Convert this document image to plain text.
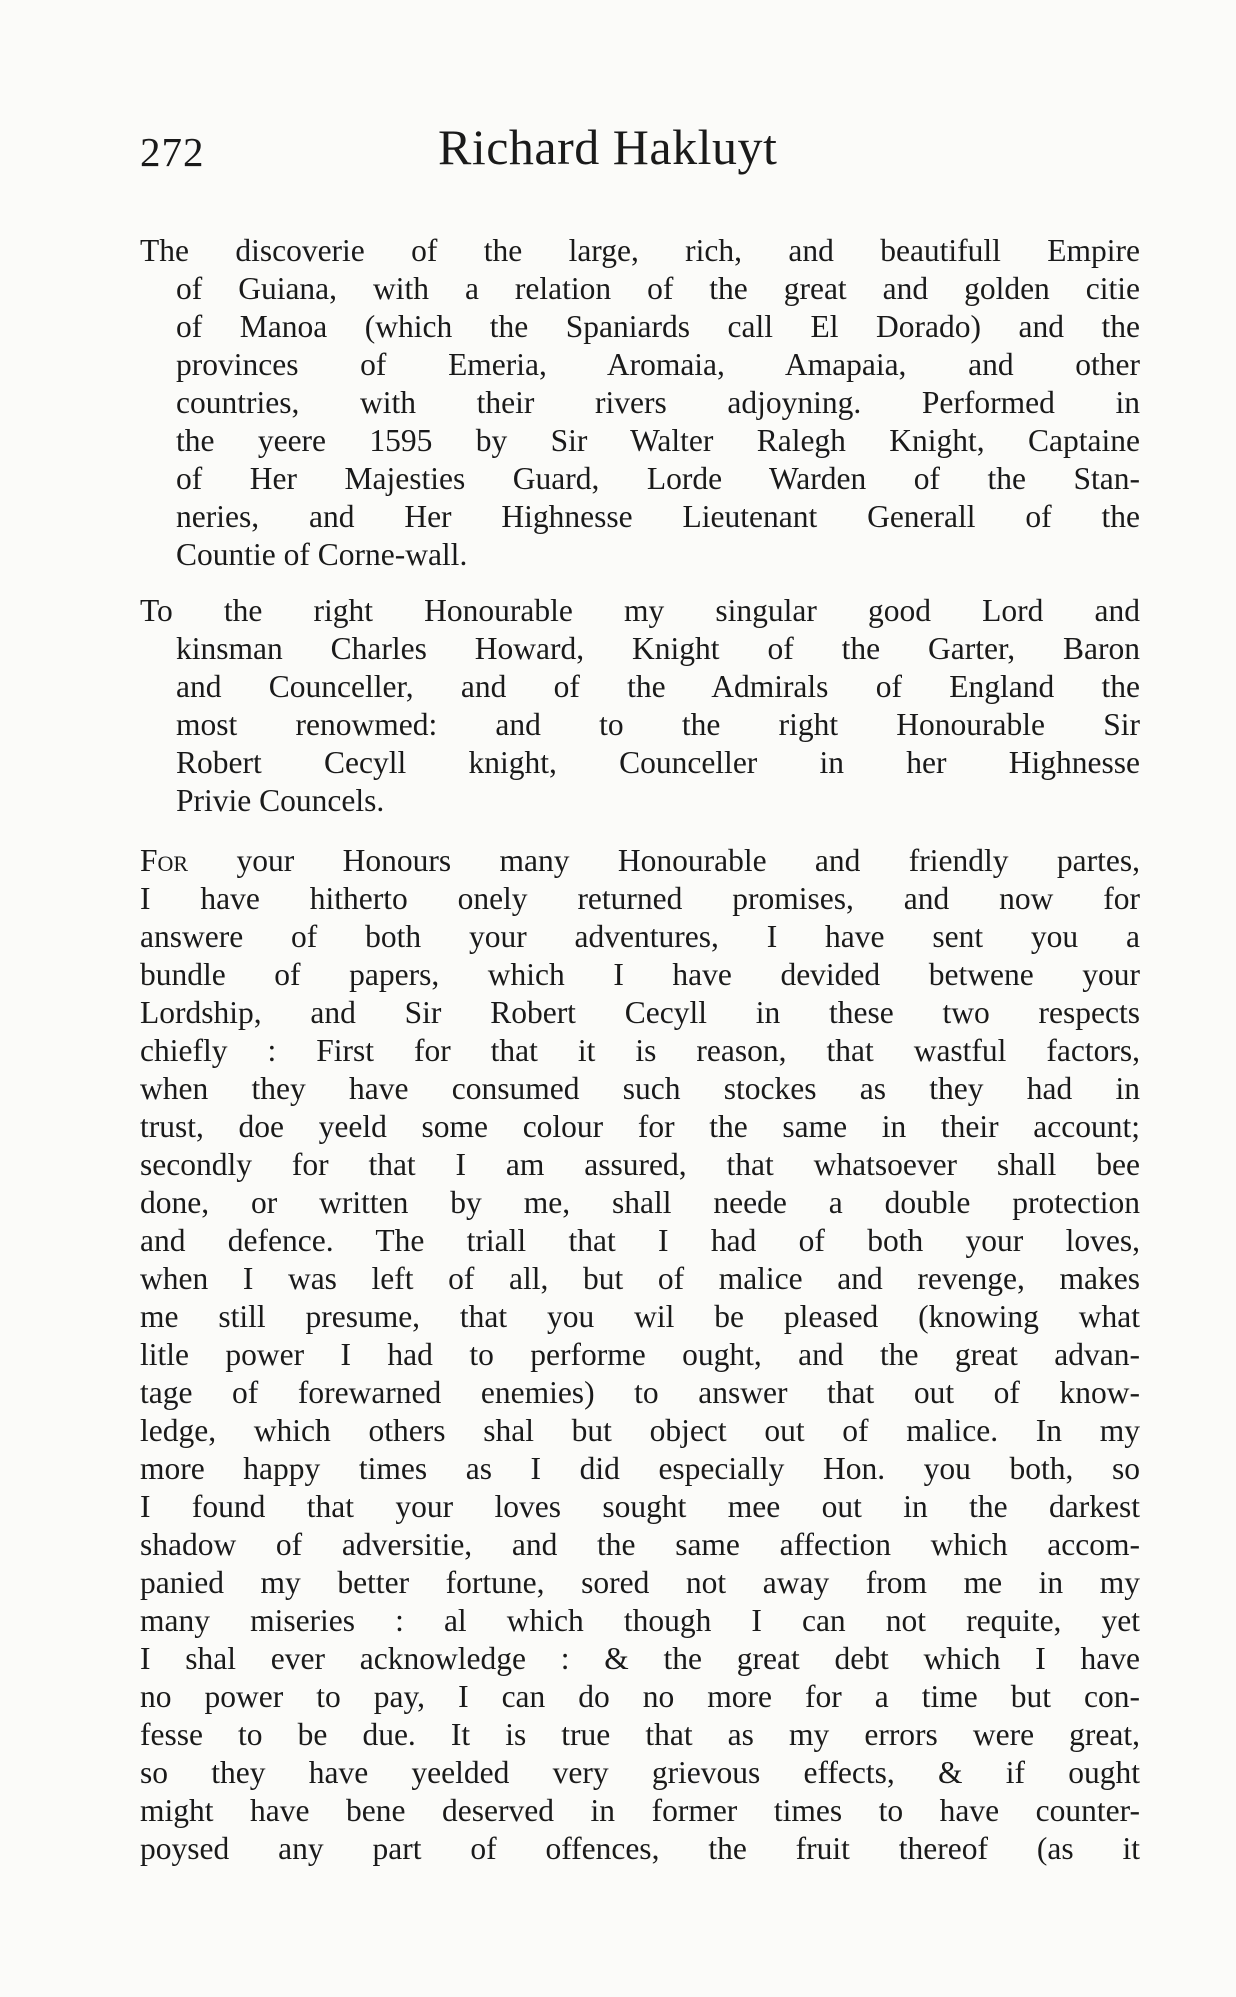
272	Richard Hakluyt
The discoverie of the large, rich, and beautifull Empire
of Guiana, with a relation of the great and golden citie
of Manoa (which the Spaniards call El Dorado) and the
provinces of Emeria, Aromaia, Amapaia, and other
countries, with their rivers adjoyning. Performed in
the yeere 1595 by Sir Walter Ralegh Knight, Captaine
of Her Majesties Guard, Lorde Warden of the Stan-
neries, and Her Highnesse Lieutenant Generall of the
Countie of Corne-wall.
To the right Honourable my singular good Lord and
kinsman Charles Howard, Knight of the Garter, Baron
and Counceller, and of the Admirals of England the
most renowmed: and to the right Honourable Sir
Robert Cecyll knight, Counceller in her Highnesse
Privie Councels.
For your Honours many Honourable and friendly partes,
I have hitherto onely returned promises, and now for
answere of both your adventures, I have sent you a
bundle of papers, which I have devided betwene your
Lordship, and Sir Robert Cecyll in these two respects
chiefly : First for that it is reason, that wastful factors,
when they have consumed such stockes as they had in
trust, doe yeeld some colour for the same in their account;
secondly for that I am assured, that whatsoever shall bee
done, or written by me, shall neede a double protection
and defence. The triall that I had of both your loves,
when I was left of all, but of malice and revenge, makes
me still presume, that you wil be pleased (knowing what
litle power I had to performe ought, and the great advan-
tage of forewarned enemies) to answer that out of know-
ledge, which others shal but object out of malice. In my
more happy times as I did especially Hon. you both, so
I found that your loves sought mee out in the darkest
shadow of adversitie, and the same affection which accom-
panied my better fortune, sored not away from me in my
many miseries : al which though I can not requite, yet
I shal ever acknowledge : & the great debt which I have
no power to pay, I can do no more for a time but con-
fesse to be due. It is true that as my errors were great,
so they have yeelded very grievous effects, & if ought
might have bene deserved in former times to have counter-
poysed any part of offences, the fruit thereof (as it
